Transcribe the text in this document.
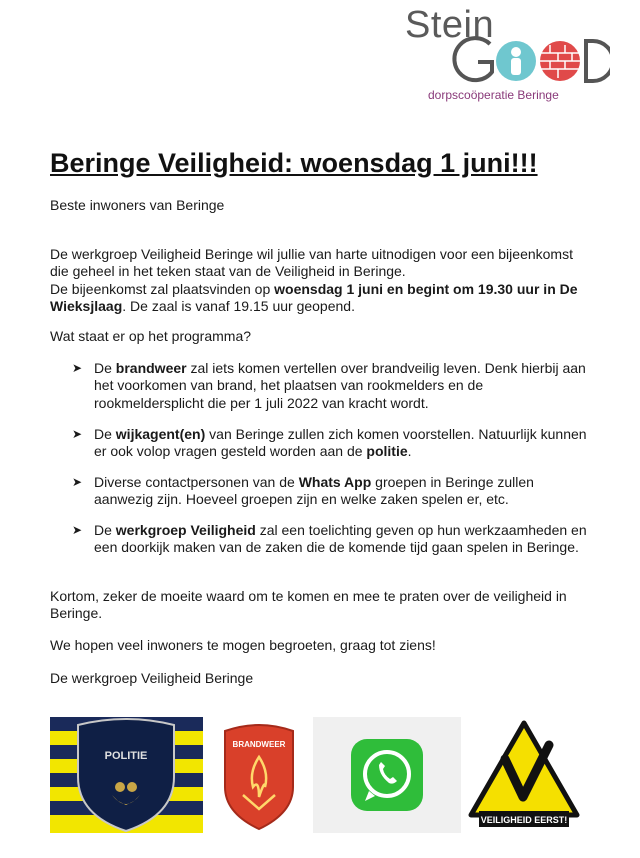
Stein
dorpscoöperatie Beringe
Beringe Veiligheid: woensdag 1 juni!!!

Beste inwoners van Beringe

De werkgroep Veiligheid Beringe wil jullie van harte uitnodigen voor een bijeenkomst die geheel in het teken staat van de Veiligheid in Beringe.
De bijeenkomst zal plaatsvinden op woensdag 1 juni en begint om 19.30 uur in De Wieksjlaag. De zaal is vanaf 19.15 uur geopend.

Wat staat er op het programma?

➤ De brandweer zal iets komen vertellen over brandveilig leven. Denk hierbij aan het voorkomen van brand, het plaatsen van rookmelders en de rookmeldersplicht die per 1 juli 2022 van kracht wordt.
➤ De wijkagent(en) van Beringe zullen zich komen voorstellen. Natuurlijk kunnen er ook volop vragen gesteld worden aan de politie.
➤ Diverse contactpersonen van de Whats App groepen in Beringe zullen aanwezig zijn. Hoeveel groepen zijn en welke zaken spelen er, etc.
➤ De werkgroep Veiligheid zal een toelichting geven op hun werkzaamheden en een doorkijk maken van de zaken die de komende tijd gaan spelen in Beringe.

Kortom, zeker de moeite waard om te komen en mee te praten over de veiligheid in Beringe.

We hopen veel inwoners te mogen begroeten, graag tot ziens!

De werkgroep Veiligheid Beringe

POLITIE
BRANDWEER
VEILIGHEID EERST!
